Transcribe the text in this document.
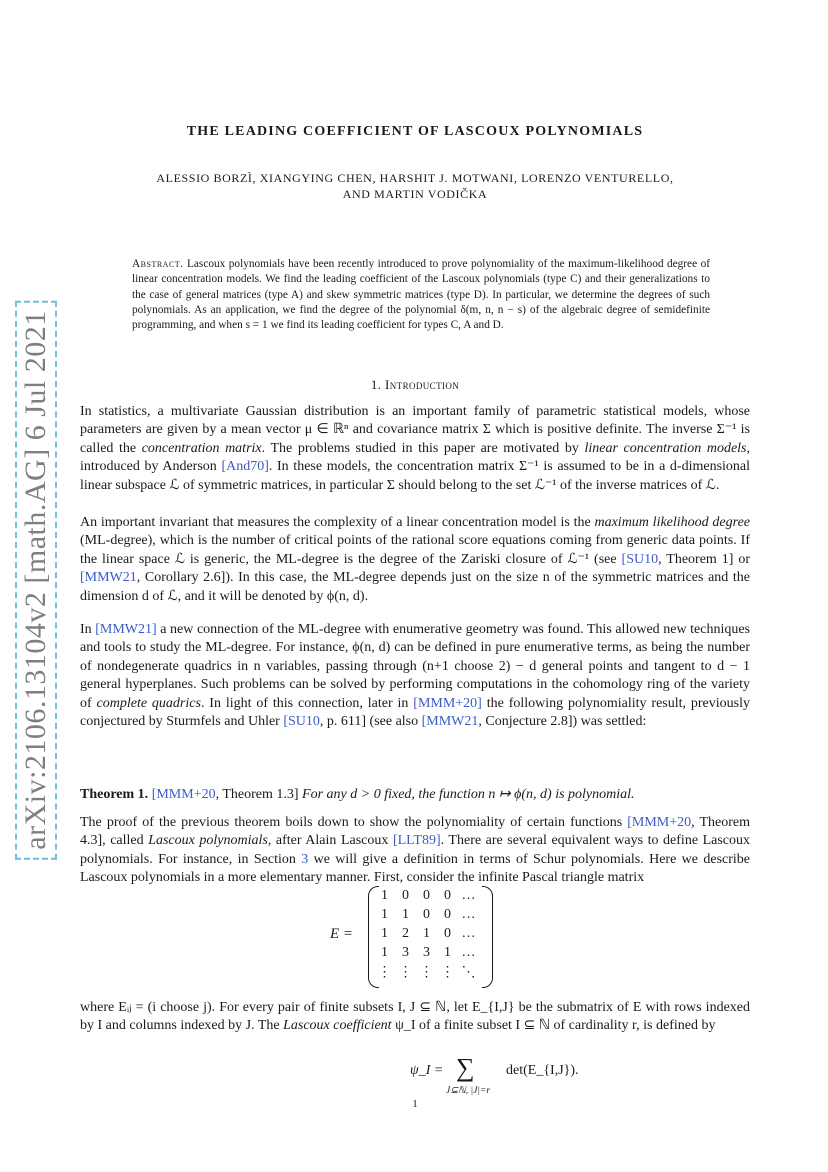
arXiv:2106.13104v2 [math.AG] 6 Jul 2021
THE LEADING COEFFICIENT OF LASCOUX POLYNOMIALS
ALESSIO BORZÌ, XIANGYING CHEN, HARSHIT J. MOTWANI, LORENZO VENTURELLO,
AND MARTIN VODIČKA
Abstract. Lascoux polynomials have been recently introduced to prove polynomiality of the maximum-likelihood degree of linear concentration models. We find the leading coefficient of the Lascoux polynomials (type C) and their generalizations to the case of general matrices (type A) and skew symmetric matrices (type D). In particular, we determine the degrees of such polynomials. As an application, we find the degree of the polynomial δ(m, n, n − s) of the algebraic degree of semidefinite programming, and when s = 1 we find its leading coefficient for types C, A and D.
1. Introduction
In statistics, a multivariate Gaussian distribution is an important family of parametric statistical models, whose parameters are given by a mean vector μ ∈ ℝⁿ and covariance matrix Σ which is positive definite. The inverse Σ⁻¹ is called the concentration matrix. The problems studied in this paper are motivated by linear concentration models, introduced by Anderson [And70]. In these models, the concentration matrix Σ⁻¹ is assumed to be in a d-dimensional linear subspace ℒ of symmetric matrices, in particular Σ should belong to the set ℒ⁻¹ of the inverse matrices of ℒ.
An important invariant that measures the complexity of a linear concentration model is the maximum likelihood degree (ML-degree), which is the number of critical points of the rational score equations coming from generic data points. If the linear space ℒ is generic, the ML-degree is the degree of the Zariski closure of ℒ⁻¹ (see [SU10, Theorem 1] or [MMW21, Corollary 2.6]). In this case, the ML-degree depends just on the size n of the symmetric matrices and the dimension d of ℒ, and it will be denoted by ϕ(n, d).
In [MMW21] a new connection of the ML-degree with enumerative geometry was found. This allowed new techniques and tools to study the ML-degree. For instance, ϕ(n, d) can be defined in pure enumerative terms, as being the number of nondegenerate quadrics in n variables, passing through (n+1 choose 2) − d general points and tangent to d − 1 general hyperplanes. Such problems can be solved by performing computations in the cohomology ring of the variety of complete quadrics. In light of this connection, later in [MMM+20] the following polynomiality result, previously conjectured by Sturmfels and Uhler [SU10, p. 611] (see also [MMW21, Conjecture 2.8]) was settled:
Theorem 1. [MMM+20, Theorem 1.3] For any d > 0 fixed, the function n ↦ ϕ(n, d) is polynomial.
The proof of the previous theorem boils down to show the polynomiality of certain functions [MMM+20, Theorem 4.3], called Lascoux polynomials, after Alain Lascoux [LLT89]. There are several equivalent ways to define Lascoux polynomials. For instance, in Section 3 we will give a definition in terms of Schur polynomials. Here we describe Lascoux polynomials in a more elementary manner. First, consider the infinite Pascal triangle matrix
E =
1	0	0	0 …
1	1	0	0 …
1	2	1	0 …
1	3	3	1 …
⋮ ⋮ ⋮ ⋮ ⋱
where Eᵢⱼ = (i choose j). For every pair of finite subsets I, J ⊆ ℕ, let E_{I,J} be the submatrix of E with rows indexed by I and columns indexed by J. The Lascoux coefficient ψ_I of a finite subset I ⊆ ℕ of cardinality r, is defined by
ψ_I = ∑
J⊆ℕ, |J|=r
det(E_{I,J}).
1
